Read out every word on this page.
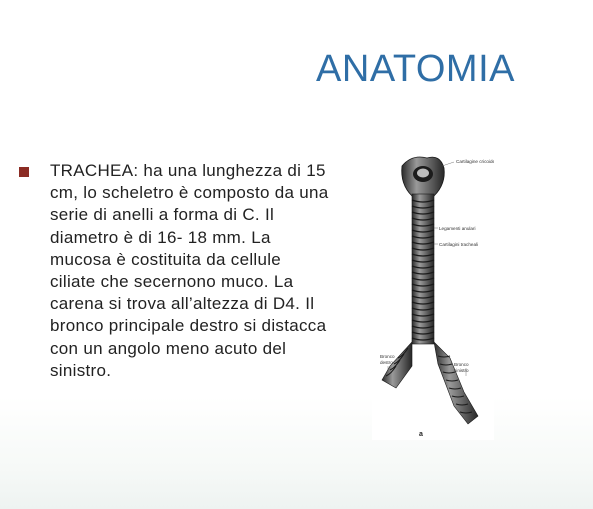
ANATOMIA

TRACHEA: ha una lunghezza di 15 cm, lo scheletro è composto da una serie di anelli a forma di C. Il diametro è di 16- 18 mm. La mucosa è costituita da cellule ciliate che secernono muco. La carena si trova all’altezza di D4. Il bronco principale destro si distacca con un angolo meno acuto del sinistro.

Cartilagine cricoide
Legamenti anulari
Cartilagini tracheali
Bronco
destro	Bronco
sinistro
a
